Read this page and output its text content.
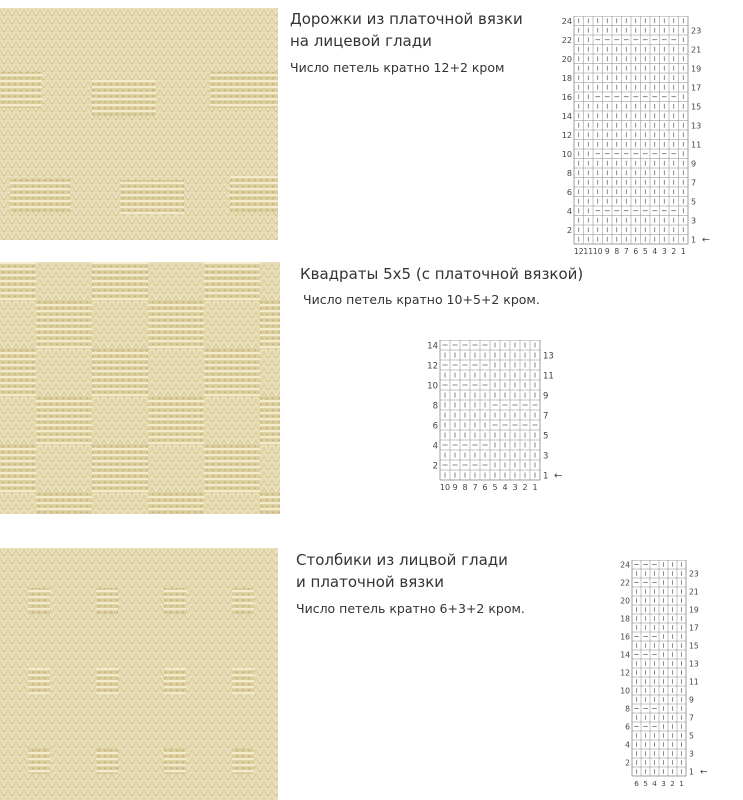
Дорожки из платочной вязки
на лицевой глади
Число петель кратно 12+2 кром
24
22
20
18
16
14
12
10
8
6
4
2
23
21
19
17
15
13
11
9
7
5
3
1 ←
12 11 10 9 8 7 6 5 4 3 2 1
Квадраты 5х5 (с платочной вязкой)
Число петель кратно 10+5+2 кром.
14
12
10
8
6
4
2
13
11
9
7
5
3
1 ←
10 9 8 7 6 5 4 3 2 1
Столбики из лицвой глади
и платочной вязки
Число петель кратно 6+3+2 кром.
24
22
20
18
16
14
12
10
8
6
4
2
23
21
19
17
15
13
11
9
7
5
3
1 ←
6 5 4 3 2 1
